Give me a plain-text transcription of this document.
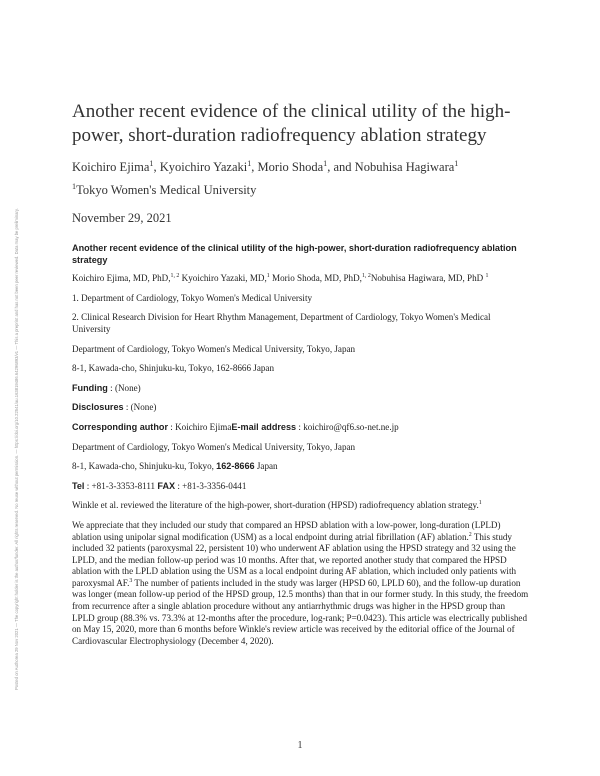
Posted on Authorea 29 Nov 2021 — The copyright holder is the author/funder. All rights reserved. No reuse without permission. — https://doi.org/10.22541/au.163819486.64296893/v1 — This a preprint and has not been peer reviewed. Data may be preliminary.
Another recent evidence of the clinical utility of the high-power, short-duration radiofrequency ablation strategy
Koichiro Ejima$^1$, Kyoichiro Yazaki$^1$, Morio Shoda$^1$, and Nobuhisa Hagiwara$^1$
$^1$Tokyo Women's Medical University
November 29, 2021

Another recent evidence of the clinical utility of the high-power, short-duration radiofrequency ablation strategy

Koichiro Ejima, MD, PhD,$^{1, 2}$ Kyoichiro Yazaki, MD,$^1$ Morio Shoda, MD, PhD,$^{1, 2}$Nobuhisa Hagiwara, MD, PhD $^1$

1. Department of Cardiology, Tokyo Women's Medical University

2. Clinical Research Division for Heart Rhythm Management, Department of Cardiology, Tokyo Women's Medical University

Department of Cardiology, Tokyo Women's Medical University, Tokyo, Japan

8-1, Kawada-cho, Shinjuku-ku, Tokyo, 162-8666 Japan

Funding : (None)

Disclosures : (None)

Corresponding author : Koichiro EjimaE-mail address : koichiro@qf6.so-net.ne.jp

Department of Cardiology, Tokyo Women's Medical University, Tokyo, Japan

8-1, Kawada-cho, Shinjuku-ku, Tokyo, 162-8666 Japan

Tel : +81-3-3353-8111 FAX : +81-3-3356-0441

Winkle et al. reviewed the literature of the high-power, short-duration (HPSD) radiofrequency ablation strategy.$^1$

We appreciate that they included our study that compared an HPSD ablation with a low-power, long-duration (LPLD) ablation using unipolar signal modification (USM) as a local endpoint during atrial fibrillation (AF) ablation.$^2$ This study included 32 patients (paroxysmal 22, persistent 10) who underwent AF ablation using the HPSD strategy and 32 using the LPLD, and the median follow-up period was 10 months. After that, we reported another study that compared the HPSD ablation with the LPLD ablation using the USM as a local endpoint during AF ablation, which included only patients with paroxysmal AF.$^3$ The number of patients included in the study was larger (HPSD 60, LPLD 60), and the follow-up duration was longer (mean follow-up period of the HPSD group, 12.5 months) than that in our former study. In this study, the freedom from recurrence after a single ablation procedure without any antiarrhythmic drugs was higher in the HPSD group than LPLD group (88.3% vs. 73.3% at 12-months after the procedure, log-rank; P=0.0423). This article was electrically published on May 15, 2020, more than 6 months before Winkle's review article was received by the editorial office of the Journal of Cardiovascular Electrophysiology (December 4, 2020).

1
